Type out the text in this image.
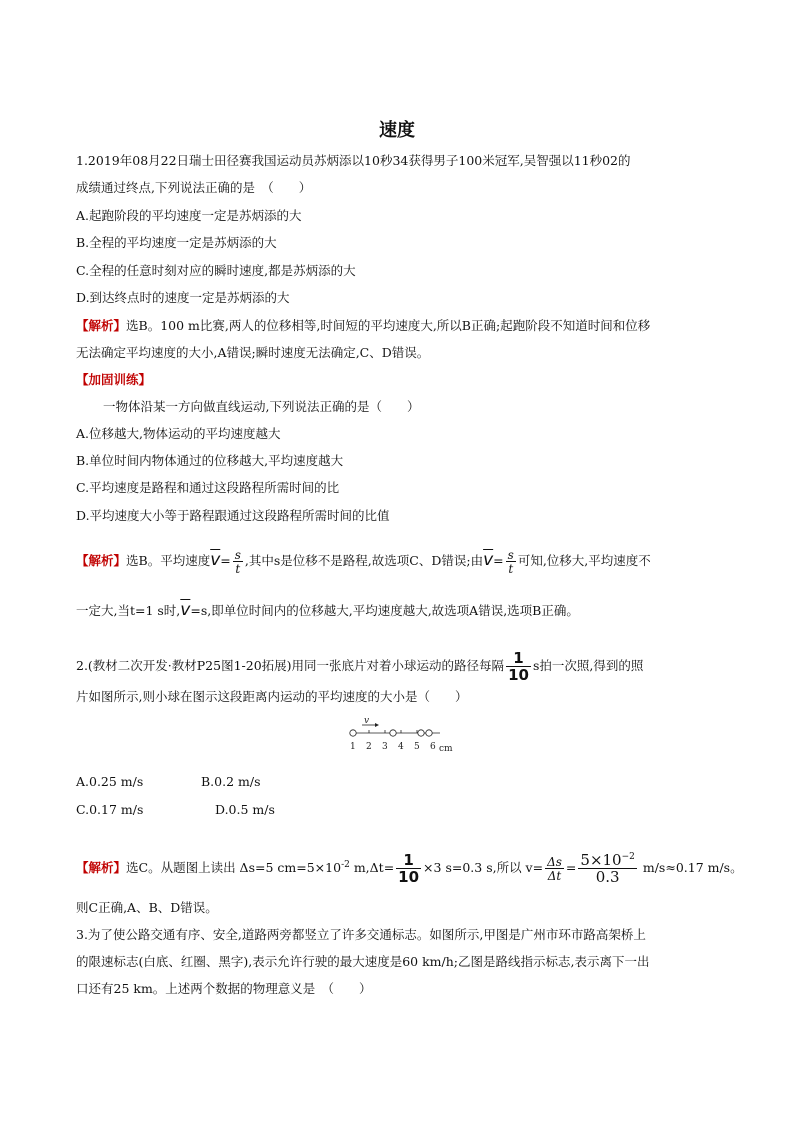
速度
1.2019年08月22日瑞士田径赛我国运动员苏炳添以10秒34获得男子100米冠军,吴智强以11秒02的
成绩通过终点,下列说法正确的是　（　　）
A.起跑阶段的平均速度一定是苏炳添的大
B.全程的平均速度一定是苏炳添的大
C.全程的任意时刻对应的瞬时速度,都是苏炳添的大
D.到达终点时的速度一定是苏炳添的大
【解析】选B。100 m比赛,两人的位移相等,时间短的平均速度大,所以B正确;起跑阶段不知道时间和位移
无法确定平均速度的大小,A错误;瞬时速度无法确定,C、D错误。
【加固训练】
一物体沿某一方向做直线运动,下列说法正确的是（　　）
A.位移越大,物体运动的平均速度越大
B.单位时间内物体通过的位移越大,平均速度越大
C.平均速度是路程和通过这段路程所需时间的比
D.平均速度大小等于路程跟通过这段路程所需时间的比值
【解析】选B。平均速度$\overline{v}= \frac{s}{t}$ ,其中s是位移不是路程,故选项C、D错误;由$\overline{v}= \frac{s}{t}$ 可知,位移大,平均速度不
一定大,当t=1 s时$,\overline{v}=s$,即单位时间内的位移越大,平均速度越大,故选项A错误,选项B正确。
2.(教材二次开发·教材P25图1-20拓展)用同一张底片对着小球运动的路径每隔 $\frac{1}{10}$ s拍一次照,得到的照
片如图所示,则小球在图示这段距离内运动的平均速度的大小是（　　）
v
1 2 3 4 5 6 cm
A.0.25 m/s	B.0.2 m/s
C.0.17 m/s	D.0.5 m/s
【解析】选C。从题图上读出 Δs=5 $cm=5\times 10^{-2}$ $m,\Delta t= \frac{1}{10} \times 3$ s=0.3 s,所以 $v= \frac{\Delta s}{\Delta t} = \frac{5\times 10^{-2}}{0.3} m/s\approx 0.17$ m/s。
则C正确,A、B、D错误。
3.为了使公路交通有序、安全,道路两旁都竖立了许多交通标志。如图所示,甲图是广州市环市路高架桥上
的限速标志(白底、红圈、黑字),表示允许行驶的最大速度是60 km/h;乙图是路线指示标志,表示离下一出
口还有25 km。上述两个数据的物理意义是　（　　）
